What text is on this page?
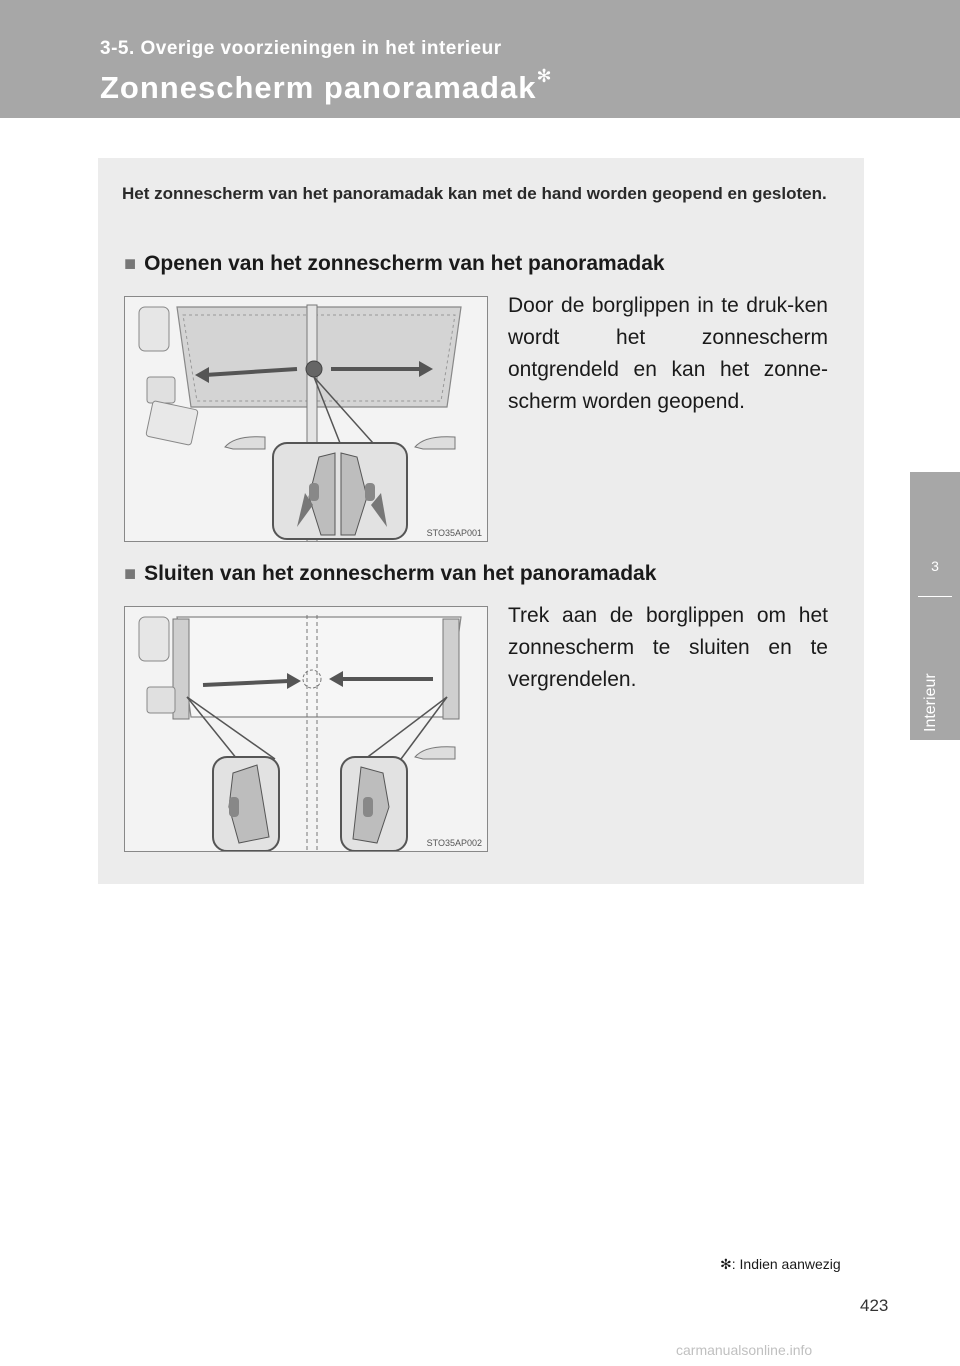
3-5. Overige voorzieningen in het interieur
Zonnescherm panoramadak✻
3
Interieur
Het zonnescherm van het panoramadak kan met de hand worden geopend en gesloten.
■ Openen van het zonnescherm van het panoramadak
STO35AP001
Door de borglippen in te druk-ken wordt het zonnescherm ontgrendeld en kan het zonne-scherm worden geopend.
■ Sluiten van het zonnescherm van het panoramadak
STO35AP002
Trek aan de borglippen om het zonnescherm te sluiten en te vergrendelen.
✻: Indien aanwezig
423
carmanualsonline.info
